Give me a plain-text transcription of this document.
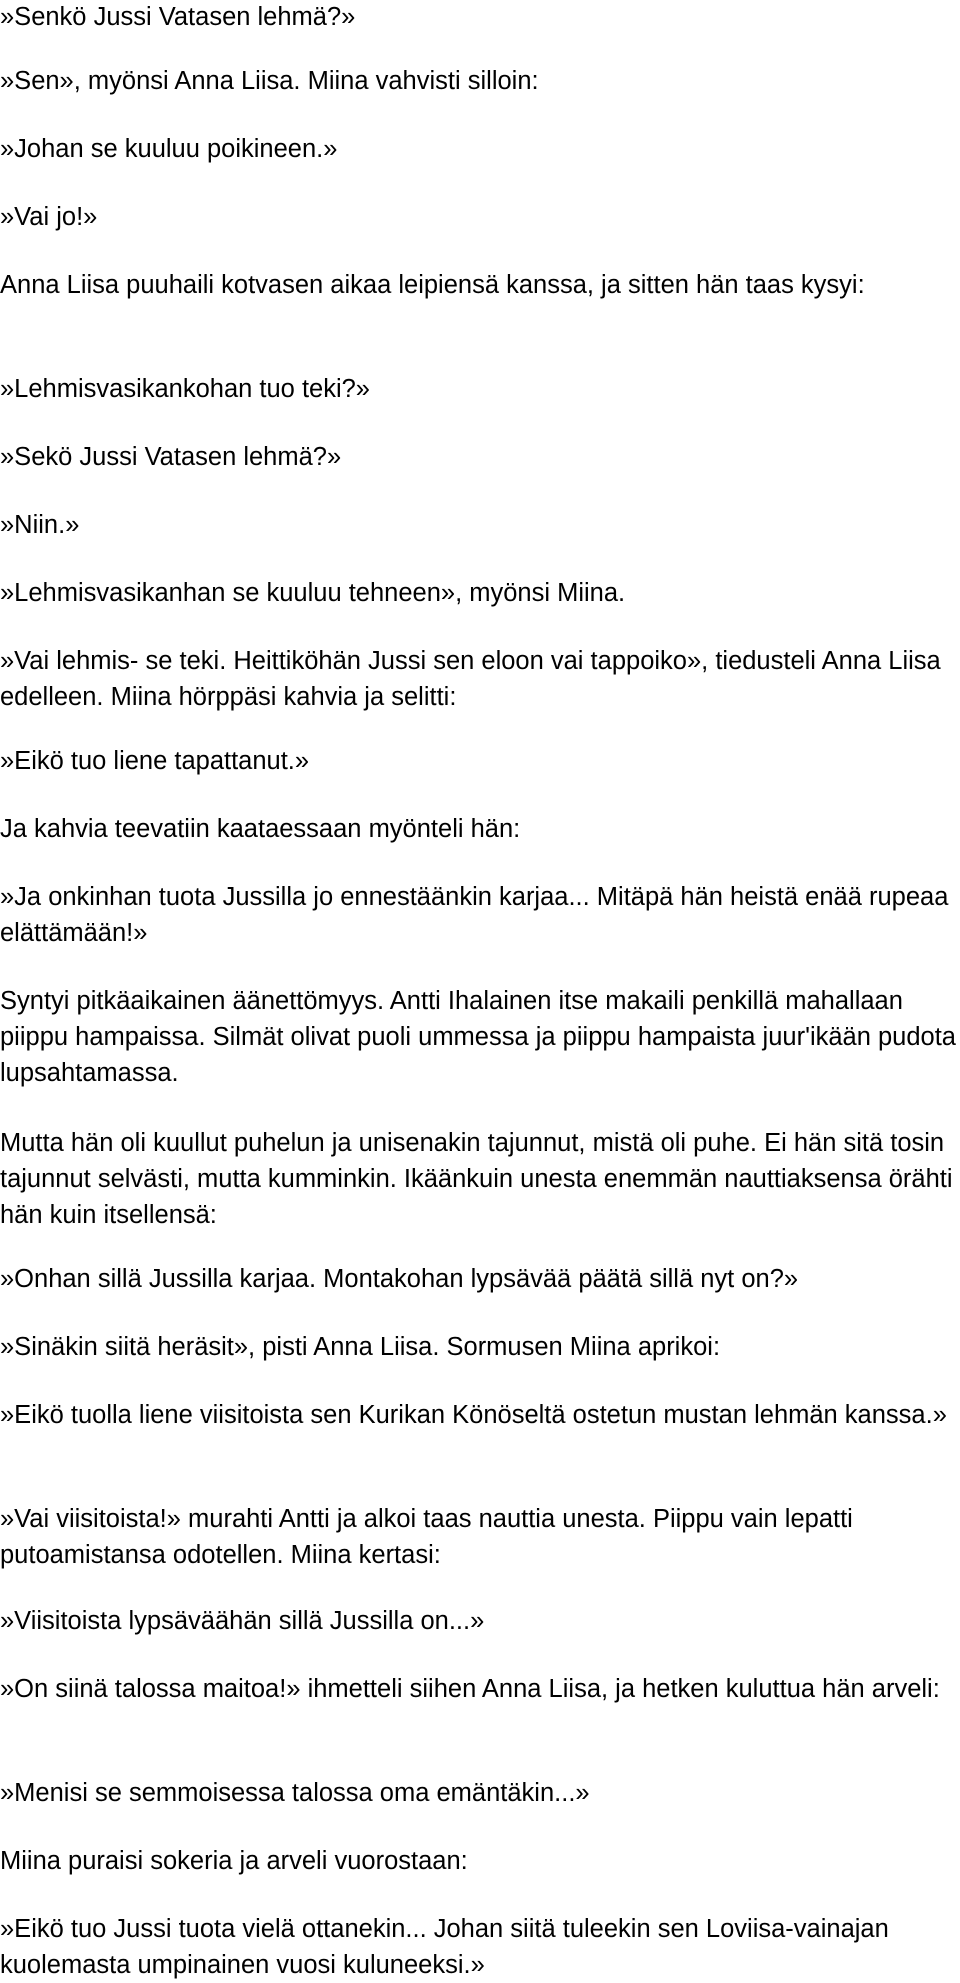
»Senkö Jussi Vatasen lehmä?»

»Sen», myönsi Anna Liisa. Miina vahvisti silloin:

»Johan se kuuluu poikineen.»

»Vai jo!»

Anna Liisa puuhaili kotvasen aikaa leipiensä kanssa, ja sitten hän taas kysyi:

»Lehmisvasikankohan tuo teki?»

»Sekö Jussi Vatasen lehmä?»

»Niin.»

»Lehmisvasikanhan se kuuluu tehneen», myönsi Miina.

»Vai lehmis- se teki. Heittiköhän Jussi sen eloon vai tappoiko», tiedusteli Anna Liisa edelleen. Miina hörppäsi kahvia ja selitti:

»Eikö tuo liene tapattanut.»

Ja kahvia teevatiin kaataessaan myönteli hän:

»Ja onkinhan tuota Jussilla jo ennestäänkin karjaa... Mitäpä hän heistä enää rupeaa elättämään!»

Syntyi pitkäaikainen äänettömyys. Antti Ihalainen itse makaili penkillä mahallaan piippu hampaissa. Silmät olivat puoli ummessa ja piippu hampaista juur'ikään pudota lupsahtamassa.

Mutta hän oli kuullut puhelun ja unisenakin tajunnut, mistä oli puhe. Ei hän sitä tosin tajunnut selvästi, mutta kumminkin. Ikäänkuin unesta enemmän nauttiaksensa örähti hän kuin itsellensä:

»Onhan sillä Jussilla karjaa. Montakohan lypsävää päätä sillä nyt on?»

»Sinäkin siitä heräsit», pisti Anna Liisa. Sormusen Miina aprikoi:

»Eikö tuolla liene viisitoista sen Kurikan Könöseltä ostetun mustan lehmän kanssa.»

»Vai viisitoista!» murahti Antti ja alkoi taas nauttia unesta. Piippu vain lepatti putoamistansa odotellen. Miina kertasi:

»Viisitoista lypsäväähän sillä Jussilla on...»

»On siinä talossa maitoa!» ihmetteli siihen Anna Liisa, ja hetken kuluttua hän arveli:

»Menisi se semmoisessa talossa oma emäntäkin...»

Miina puraisi sokeria ja arveli vuorostaan:

»Eikö tuo Jussi tuota vielä ottanekin... Johan siitä tuleekin sen Loviisa-vainajan kuolemasta umpinainen vuosi kuluneeksi.»
